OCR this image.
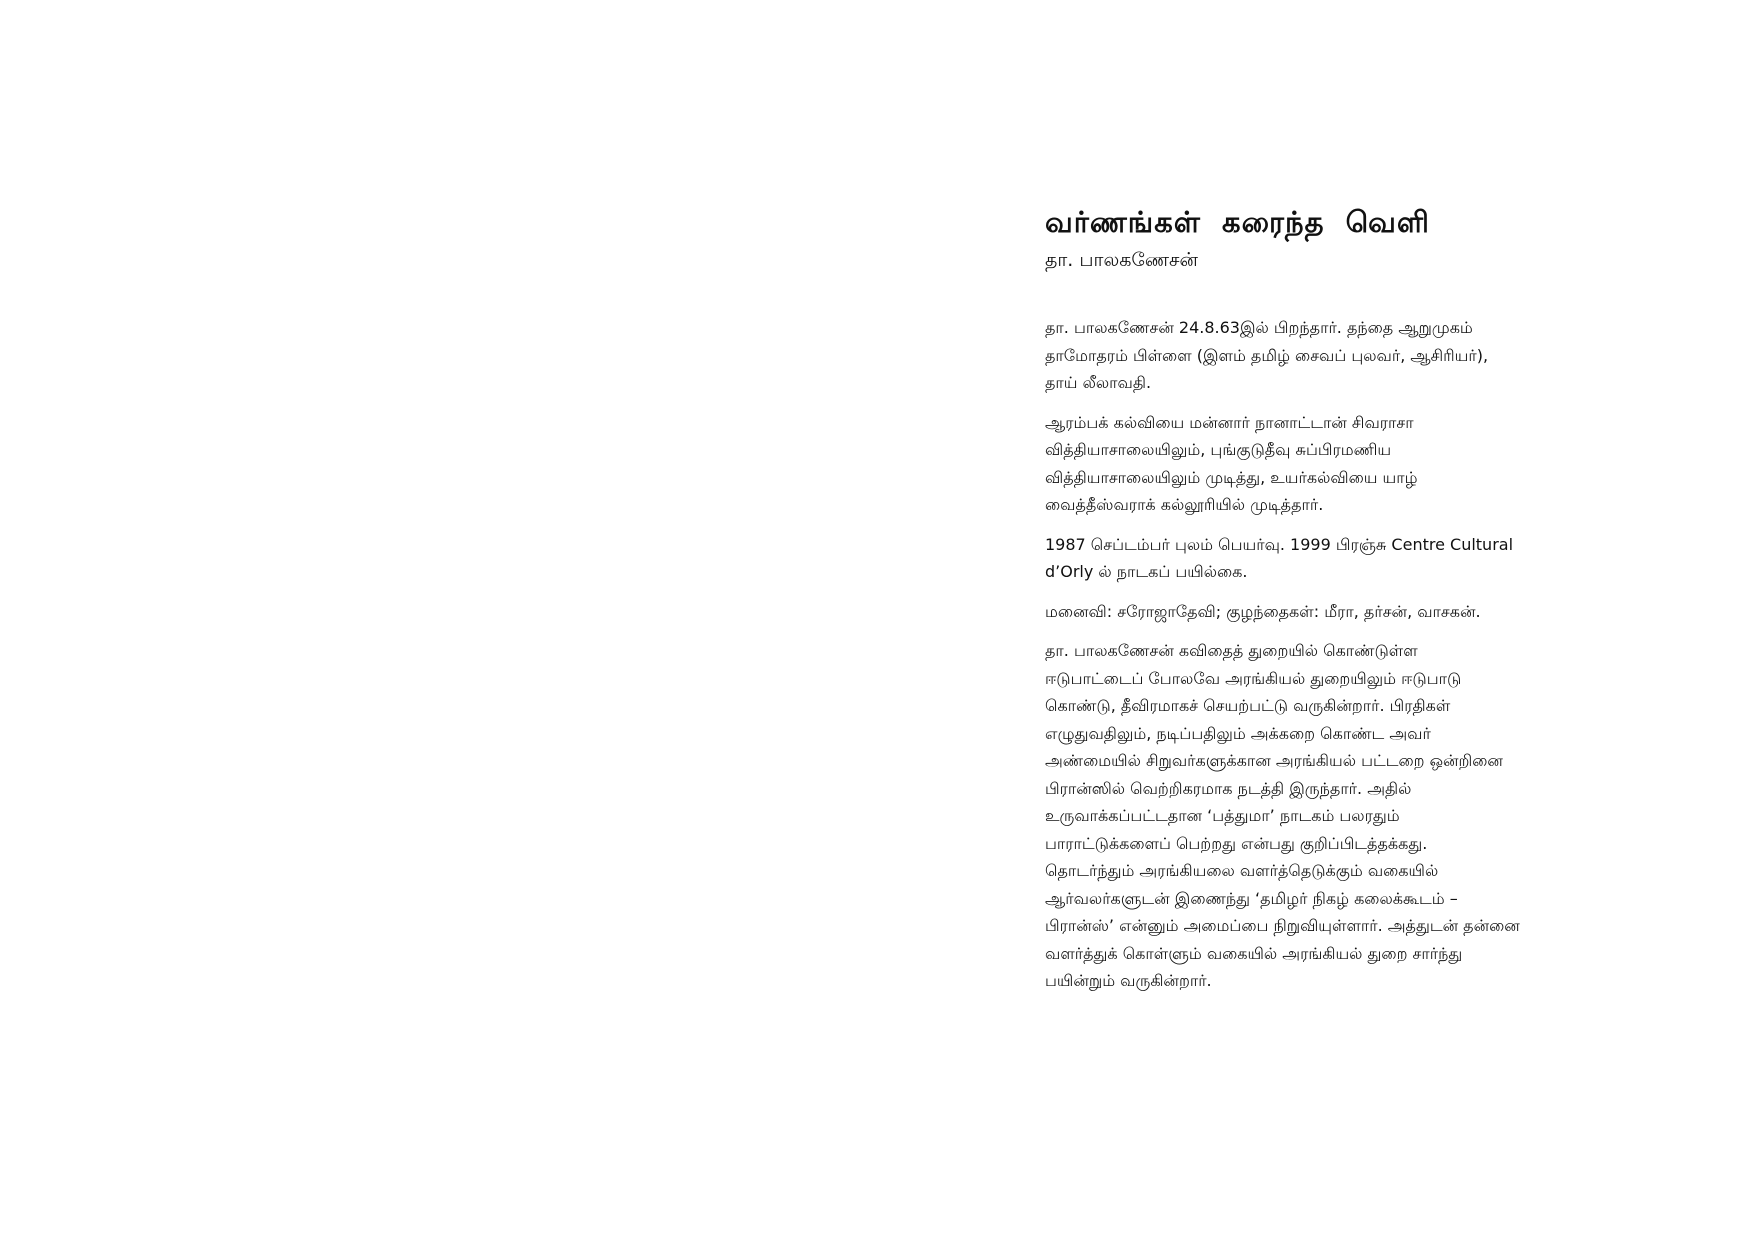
வர்ணங்கள் கரைந்த வெளி
தா. பாலகணேசன்
தா. பாலகணேசன் 24.8.63இல் பிறந்தார். தந்தை ஆறுமுகம்
தாமோதரம் பிள்ளை (இளம் தமிழ் சைவப் புலவர், ஆசிரியர்),
தாய் லீலாவதி.
ஆரம்பக் கல்வியை மன்னார் நானாட்டான் சிவராசா
வித்தியாசாலையிலும், புங்குடுதீவு சுப்பிரமணிய
வித்தியாசாலையிலும் முடித்து, உயர்கல்வியை யாழ்
வைத்தீஸ்வராக் கல்லூரியில் முடித்தார்.
1987 செப்டம்பர் புலம் பெயர்வு. 1999 பிரஞ்சு Centre Cultural
d’Orly ல் நாடகப் பயில்கை.
மனைவி: சரோஜாதேவி; குழந்தைகள்: மீரா, தர்சன், வாசகன்.
தா. பாலகணேசன் கவிதைத் துறையில் கொண்டுள்ள
ஈடுபாட்டைப் போலவே அரங்கியல் துறையிலும் ஈடுபாடு
கொண்டு, தீவிரமாகச் செயற்பட்டு வருகின்றார். பிரதிகள்
எழுதுவதிலும், நடிப்பதிலும் அக்கறை கொண்ட அவர்
அண்மையில் சிறுவர்களுக்கான அரங்கியல் பட்டறை ஒன்றினை
பிரான்ஸில் வெற்றிகரமாக நடத்தி இருந்தார். அதில்
உருவாக்கப்பட்டதான ‘பத்துமா’ நாடகம் பலரதும்
பாராட்டுக்களைப் பெற்றது என்பது குறிப்பிடத்தக்கது.
தொடர்ந்தும் அரங்கியலை வளர்த்தெடுக்கும் வகையில்
ஆர்வலர்களுடன் இணைந்து ‘தமிழர் நிகழ் கலைக்கூடம் –
பிரான்ஸ்’ என்னும் அமைப்பை நிறுவியுள்ளார். அத்துடன் தன்னை
வளர்த்துக் கொள்ளும் வகையில் அரங்கியல் துறை சார்ந்து
பயின்றும் வருகின்றார்.
